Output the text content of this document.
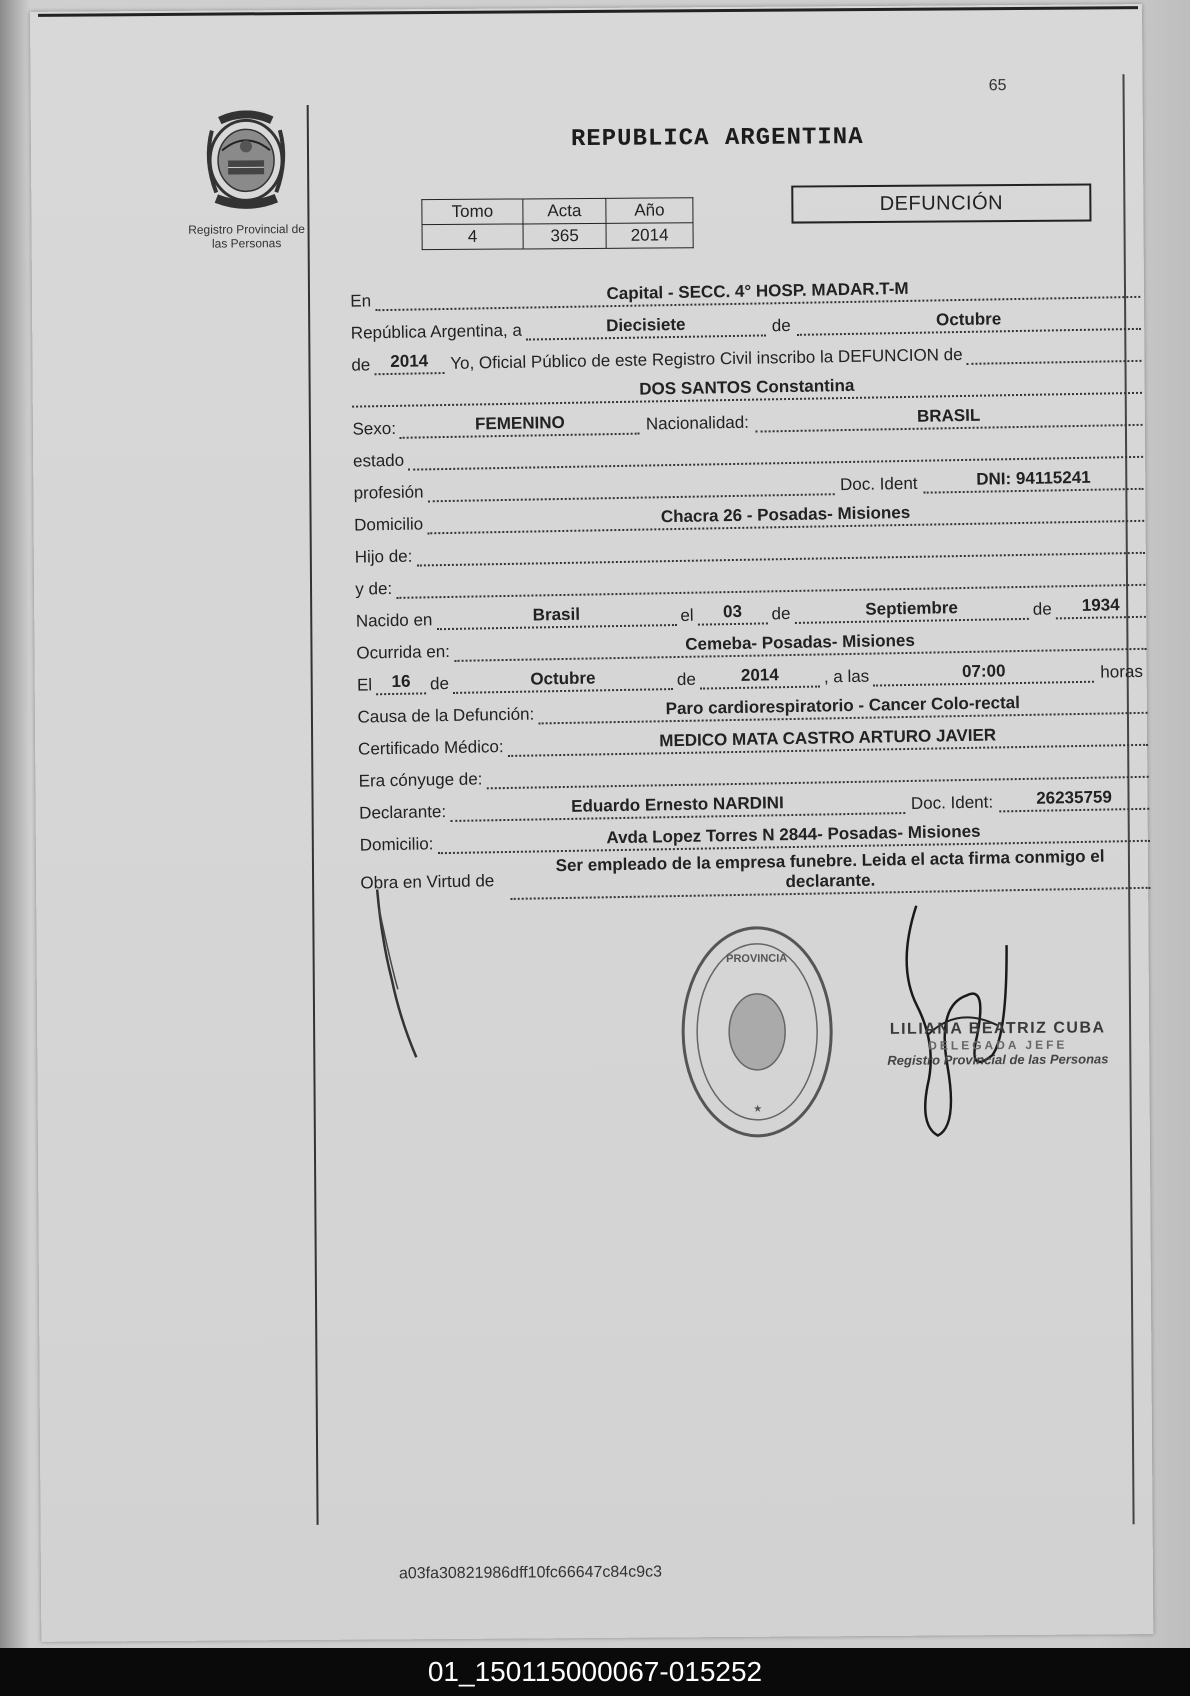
65
Registro Provincial de
las Personas
REPUBLICA ARGENTINA
Tomo	Acta	Año
4	365	2014
DEFUNCIÓN
En	Capital - SECC. 4° HOSP. MADAR.T-M
República Argentina, a	Diecisiete	de	Octubre
de	2014	Yo, Oficial Público de este Registro Civil inscribo la DEFUNCION de
DOS SANTOS Constantina
Sexo:	FEMENINO	Nacionalidad:	BRASIL
estado
profesión	Doc. Ident	DNI: 94115241
Domicilio	Chacra 26 - Posadas- Misiones
Hijo de:
y de:
Nacido en	Brasil	el	03	de	Septiembre	de	1934
Ocurrida en:	Cemeba- Posadas- Misiones
El	16	de	Octubre	de	2014	, a las	07:00	horas
Causa de la Defunción:	Paro cardiorespiratorio - Cancer Colo-rectal
Certificado Médico:	MEDICO MATA CASTRO ARTURO JAVIER
Era cónyuge de:
Declarante:	Eduardo Ernesto NARDINI	Doc. Ident:	26235759
Domicilio:	Avda Lopez Torres N 2844- Posadas- Misiones
Obra en Virtud de
Ser empleado de la empresa funebre. Leida el acta firma conmigo el declarante.
PROVINCIA
★
LILIANA BEATRIZ CUBA
DELEGADA JEFE
Registro Provincial de las Personas
a03fa30821986dff10fc66647c84c9c3
01_150115000067-015252
